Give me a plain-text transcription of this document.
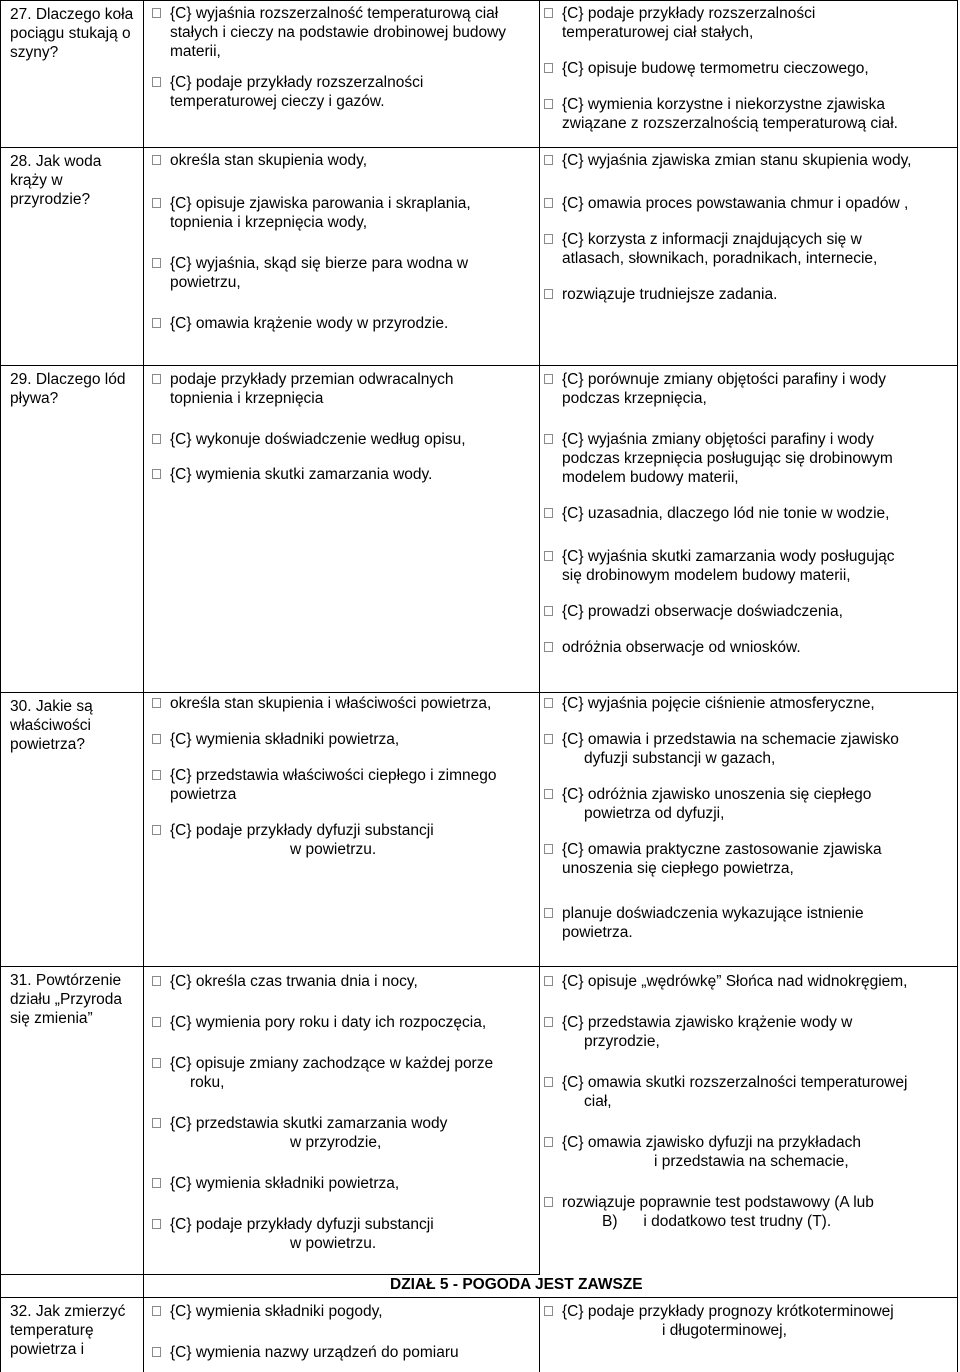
27. Dlaczego koła pociągu stukają o szyny?
{C} wyjaśnia rozszerzalność temperaturową ciał
stałych i cieczy na podstawie drobinowej budowy materii,
{C} podaje przykłady rozszerzalności
temperaturowej cieczy i gazów.
{C} podaje przykłady rozszerzalności
temperaturowej ciał stałych,
{C} opisuje budowę termometru cieczowego,
{C} wymienia korzystne i niekorzystne zjawiska
związane z rozszerzalnością temperaturową ciał.
28. Jak woda krąży w przyrodzie?
określa stan skupienia wody,
{C} opisuje zjawiska parowania i skraplania,
topnienia i krzepnięcia wody,
{C} wyjaśnia, skąd się bierze para wodna w
powietrzu,
{C} omawia krążenie wody w przyrodzie.
{C} wyjaśnia zjawiska zmian stanu skupienia wody,
{C} omawia proces powstawania chmur i opadów ,
{C} korzysta z informacji znajdujących się w
atlasach, słownikach, poradnikach, internecie,
rozwiązuje trudniejsze zadania.
29. Dlaczego lód pływa?
podaje przykłady przemian odwracalnych
topnienia i krzepnięcia
{C} wykonuje doświadczenie według opisu,
{C} wymienia skutki zamarzania wody.
{C} porównuje zmiany objętości parafiny i wody
podczas krzepnięcia,
{C} wyjaśnia zmiany objętości parafiny i wody
podczas krzepnięcia posługując się drobinowym modelem budowy materii,
{C} uzasadnia, dlaczego lód nie tonie w wodzie,
{C} wyjaśnia skutki zamarzania wody posługując
się drobinowym modelem budowy materii,
{C} prowadzi obserwacje doświadczenia,
odróżnia obserwacje od wniosków.
30. Jakie są właściwości powietrza?
określa stan skupienia i właściwości powietrza,
{C} wymienia składniki powietrza,
{C} przedstawia właściwości ciepłego i zimnego
powietrza
{C} podaje przykłady dyfuzji substancji
w powietrzu.
{C} wyjaśnia pojęcie ciśnienie atmosferyczne,
{C} omawia i przedstawia na schemacie zjawisko
dyfuzji substancji w gazach,
{C} odróżnia zjawisko unoszenia się ciepłego
powietrza od dyfuzji,
{C} omawia praktyczne zastosowanie zjawiska
unoszenia się ciepłego powietrza,
planuje doświadczenia wykazujące istnienie
powietrza.
31. Powtórzenie działu „Przyroda się zmienia”
{C} określa czas trwania dnia i nocy,
{C} wymienia pory roku i daty ich rozpoczęcia,
{C} opisuje zmiany zachodzące w każdej porze
roku,
{C} przedstawia skutki zamarzania wody
w przyrodzie,
{C} wymienia składniki powietrza,
{C} podaje przykłady dyfuzji substancji
w powietrzu.
{C} opisuje „wędrówkę” Słońca nad widnokręgiem,
{C} przedstawia zjawisko krążenie wody w
przyrodzie,
{C} omawia skutki rozszerzalności temperaturowej
ciał,
{C} omawia zjawisko dyfuzji na przykładach
i przedstawia na schemacie,
rozwiązuje poprawnie test podstawowy (A lub
B)      i dodatkowo test trudny (T).
DZIAŁ 5 - POGODA JEST ZAWSZE
32. Jak zmierzyć temperaturę powietrza i
{C} wymienia składniki pogody,
{C} wymienia nazwy urządzeń do pomiaru
{C} podaje przykłady prognozy krótkoterminowej
i długoterminowej,
